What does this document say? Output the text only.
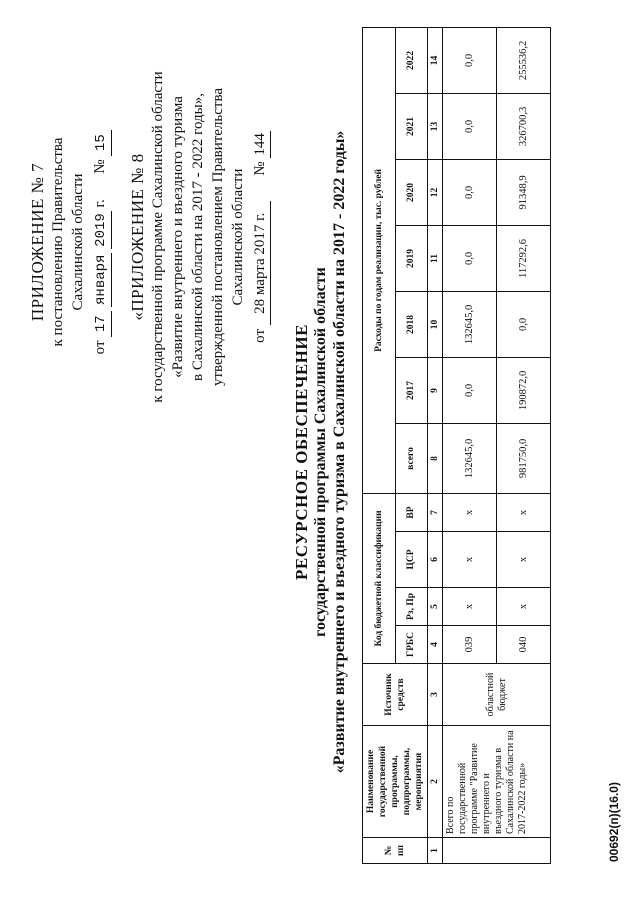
ПРИЛОЖЕНИЕ № 7 к постановлению Правительства Сахалинской области
от 17 января 2019 г.  № 15
«ПРИЛОЖЕНИЕ № 8 к государственной программе Сахалинской области «Развитие внутреннего и въездного туризма в Сахалинской области на 2017 - 2022 годы», утвержденной постановлением Правительства Сахалинской области
от 28 марта 2017 г.  № 144
РЕСУРСНОЕ ОБЕСПЕЧЕНИЕ государственной программы Сахалинской области «Развитие внутреннего и въездного туризма в Сахалинской области на 2017 - 2022 годы»
№ пп	Наименование государственной программы, подпрограммы, мероприятия	Источник средств	Код бюджетной классификации				Расходы по годам реализации, тыс. рублей						
			ГРБС	Рз, Пр	ЦСР	ВР	всего	2017	2018	2019	2020	2021	2022
1	2	3	4	5	6	7	8	9	10	11	12	13	14
	Всего по государственной программе "Развитие внутреннего и въездного туризма в Сахалинской области на 2017-2022 годы»	областной бюджет	039	х	х	х	132645,0	0,0	132645,0	0,0	0,0	0,0	0,0
			040	х	х	х	981750,0	190872,0	0,0	117292,6	91348,9	326700,3	255536,2
00692(п)(16.0)
